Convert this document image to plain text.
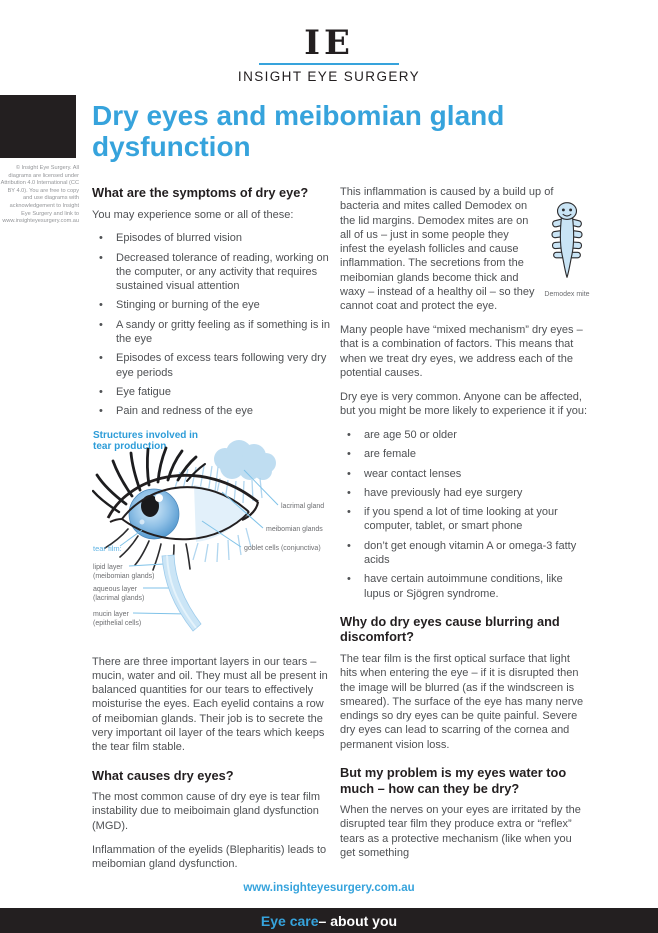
IE
INSIGHT EYE SURGERY
© Insight Eye Surgery. All diagrams are licensed under Attribution 4.0 International (CC BY 4.0). You are free to copy and use diagrams with acknowledgement to Insight Eye Surgery and link to www.insighteyesurgery.com.au
Dry eyes and meibomian gland dysfunction
What are the symptoms of dry eye?

You may experience some or all of these:

• Episodes of blurred vision
• Decreased tolerance of reading, working on the computer, or any activity that requires sustained visual attention
• Stinging or burning of the eye
• A sandy or gritty feeling as if something is in the eye
• Episodes of excess tears following very dry eye periods
• Eye fatigue
• Pain and redness of the eye
Structures involved in
tear production
lacrimal gland
meibomian glands
goblet cells (conjunctiva)
tear film:
lipid layer
(meibomian glands)
aqueous layer
(lacrimal glands)
mucin layer
(epithelial cells)

There are three important layers in our tears – mucin, water and oil. They must all be present in balanced quantities for our tears to effectively moisturise the eyes. Each eyelid contains a row of meibomian glands. Their job is to secrete the very important oil layer of the tears which keeps the tear film stable.

What causes dry eyes?

The most common cause of dry eye is tear film instability due to meiboimain gland dysfunction (MGD).

Inflammation of the eyelids (Blepharitis) leads to meibomian gland dysfunction.

This inflammation is caused by a build up of bacteria and mites called Demodex on
Demodex mite
the lid margins. Demodex mites are on all of us – just in some people they infest the eyelash follicles and cause inflammation. The secretions from the meibomian glands become thick and waxy – instead of a healthy oil – so they cannot coat and protect the eye.

Many people have “mixed mechanism” dry eyes – that is a combination of factors. This means that when we treat dry eyes, we address each of the potential causes.

Dry eye is very common. Anyone can be affected, but you might be more likely to experience it if you:

• are age 50 or older
• are female
• wear contact lenses
• have previously had eye surgery
• if you spend a lot of time looking at your computer, tablet, or smart phone
• don’t get enough vitamin A or omega-3 fatty acids
• have certain autoimmune conditions, like lupus or Sjögren syndrome.
Why do dry eyes cause blurring and discomfort?

The tear film is the first optical surface that light hits when entering the eye – if it is disrupted then the image will be blurred (as if the windscreen is smeared). The surface of the eye has many nerve endings so dry eyes can be quite painful. Severe dry eyes can lead to scarring of the cornea and permanent vision loss.

But my problem is my eyes water too much – how can they be dry?

When the nerves on your eyes are irritated by the disrupted tear film they produce extra or “reflex” tears as a protective mechanism (like when you get something

www.insighteyesurgery.com.au
Eye care – about you
